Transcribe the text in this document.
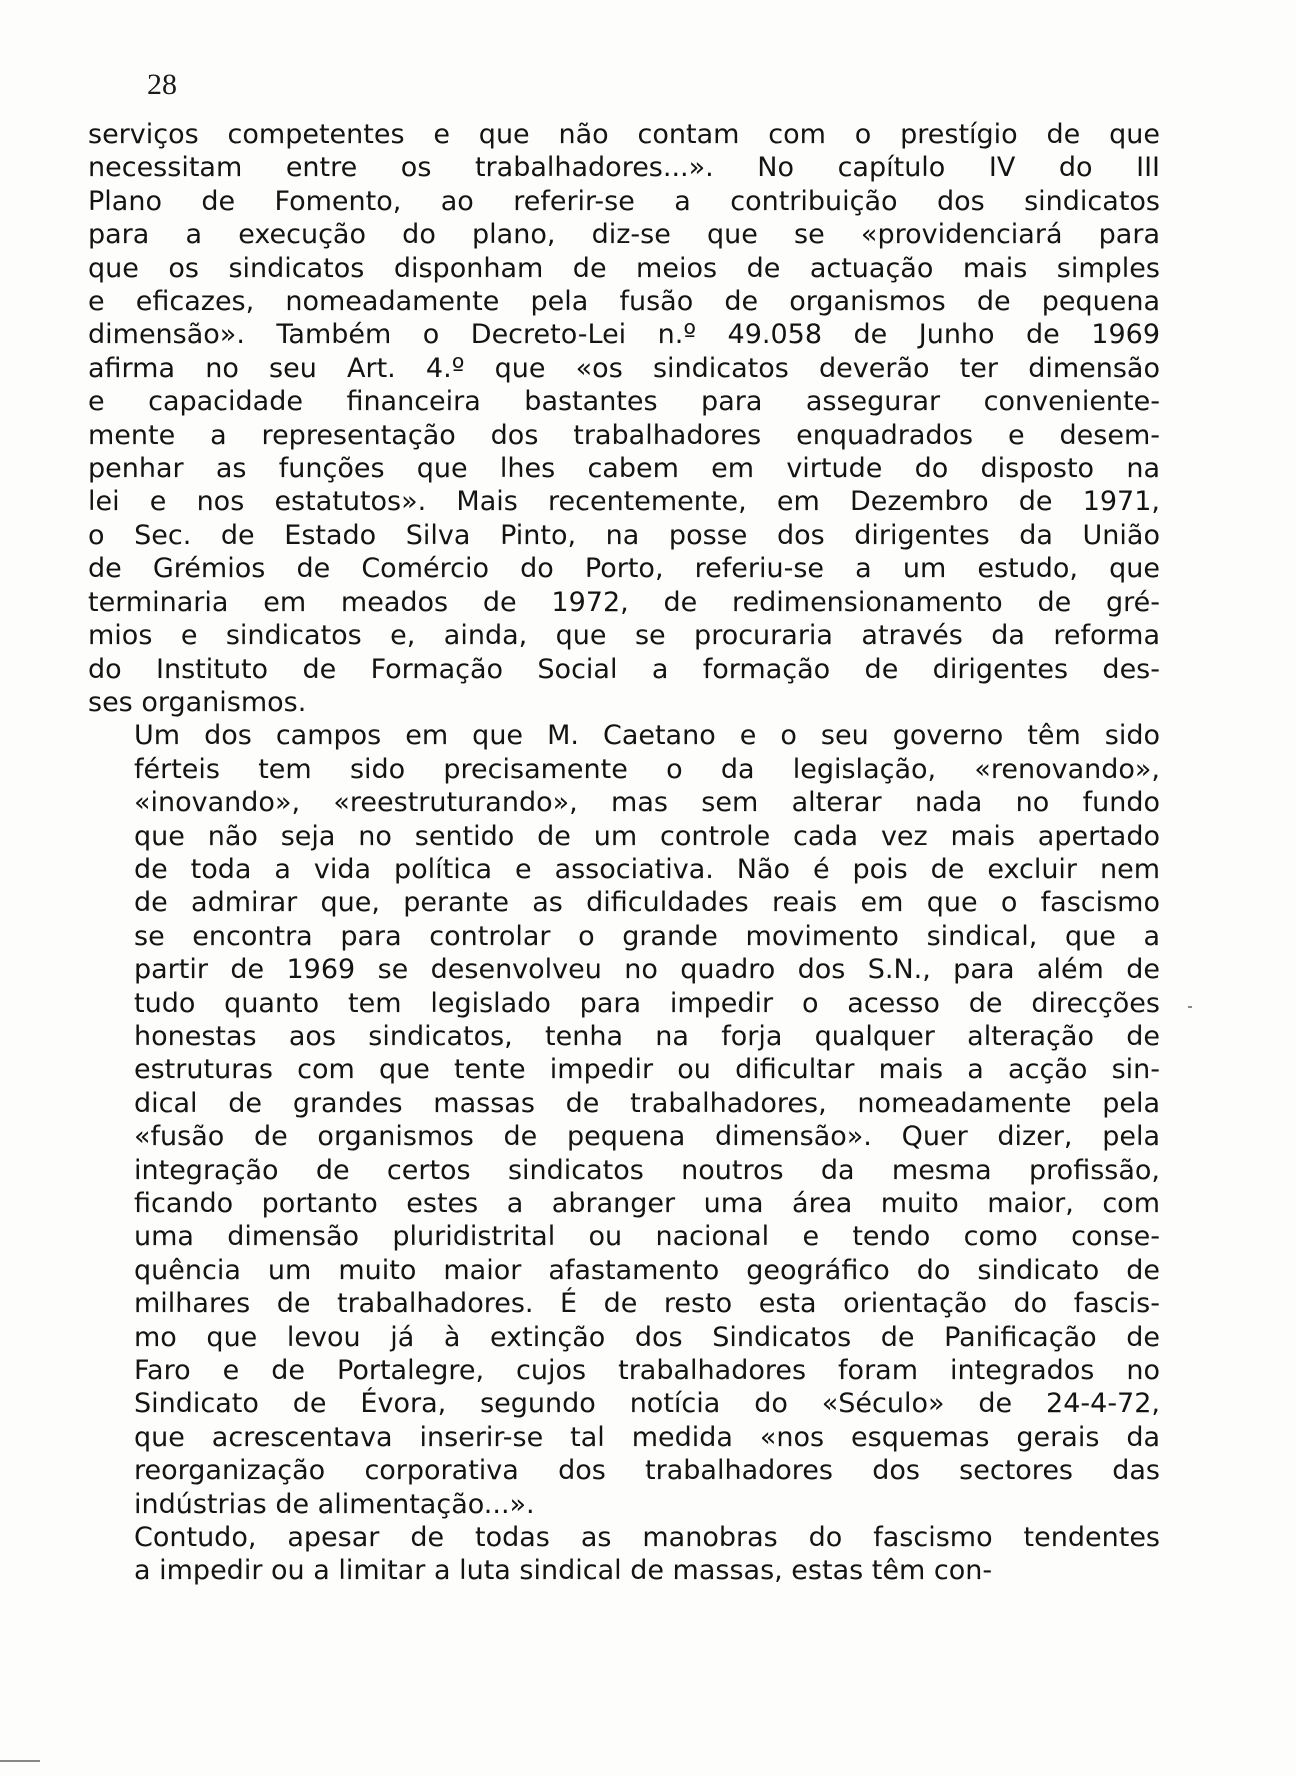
28
serviços competentes e que não contam com o prestígio de que
necessitam entre os trabalhadores...». No capítulo IV do III
Plano de Fomento, ao referir-se a contribuição dos sindicatos
para a execução do plano, diz-se que se «providenciará para
que os sindicatos disponham de meios de actuação mais simples
e eficazes, nomeadamente pela fusão de organismos de pequena
dimensão». Também o Decreto-Lei n.º 49.058 de Junho de 1969
afirma no seu Art. 4.º que «os sindicatos deverão ter dimensão
e capacidade financeira bastantes para assegurar conveniente-
mente a representação dos trabalhadores enquadrados e desem-
penhar as funções que lhes cabem em virtude do disposto na
lei e nos estatutos». Mais recentemente, em Dezembro de 1971,
o Sec. de Estado Silva Pinto, na posse dos dirigentes da União
de Grémios de Comércio do Porto, referiu-se a um estudo, que
terminaria em meados de 1972, de redimensionamento de gré-
mios e sindicatos e, ainda, que se procuraria através da reforma
do Instituto de Formação Social a formação de dirigentes des-
ses organismos.
Um dos campos em que M. Caetano e o seu governo têm sido
férteis tem sido precisamente o da legislação, «renovando»,
«inovando», «reestruturando», mas sem alterar nada no fundo
que não seja no sentido de um controle cada vez mais apertado
de toda a vida política e associativa. Não é pois de excluir nem
de admirar que, perante as dificuldades reais em que o fascismo
se encontra para controlar o grande movimento sindical, que a
partir de 1969 se desenvolveu no quadro dos S.N., para além de
tudo quanto tem legislado para impedir o acesso de direcções
honestas aos sindicatos, tenha na forja qualquer alteração de
estruturas com que tente impedir ou dificultar mais a acção sin-
dical de grandes massas de trabalhadores, nomeadamente pela
«fusão de organismos de pequena dimensão». Quer dizer, pela
integração de certos sindicatos noutros da mesma profissão,
ficando portanto estes a abranger uma área muito maior, com
uma dimensão pluridistrital ou nacional e tendo como conse-
quência um muito maior afastamento geográfico do sindicato de
milhares de trabalhadores. É de resto esta orientação do fascis-
mo que levou já à extinção dos Sindicatos de Panificação de
Faro e de Portalegre, cujos trabalhadores foram integrados no
Sindicato de Évora, segundo notícia do «Século» de 24-4-72,
que acrescentava inserir-se tal medida «nos esquemas gerais da
reorganização corporativa dos trabalhadores dos sectores das
indústrias de alimentação...».
Contudo, apesar de todas as manobras do fascismo tendentes
a impedir ou a limitar a luta sindical de massas, estas têm con-
